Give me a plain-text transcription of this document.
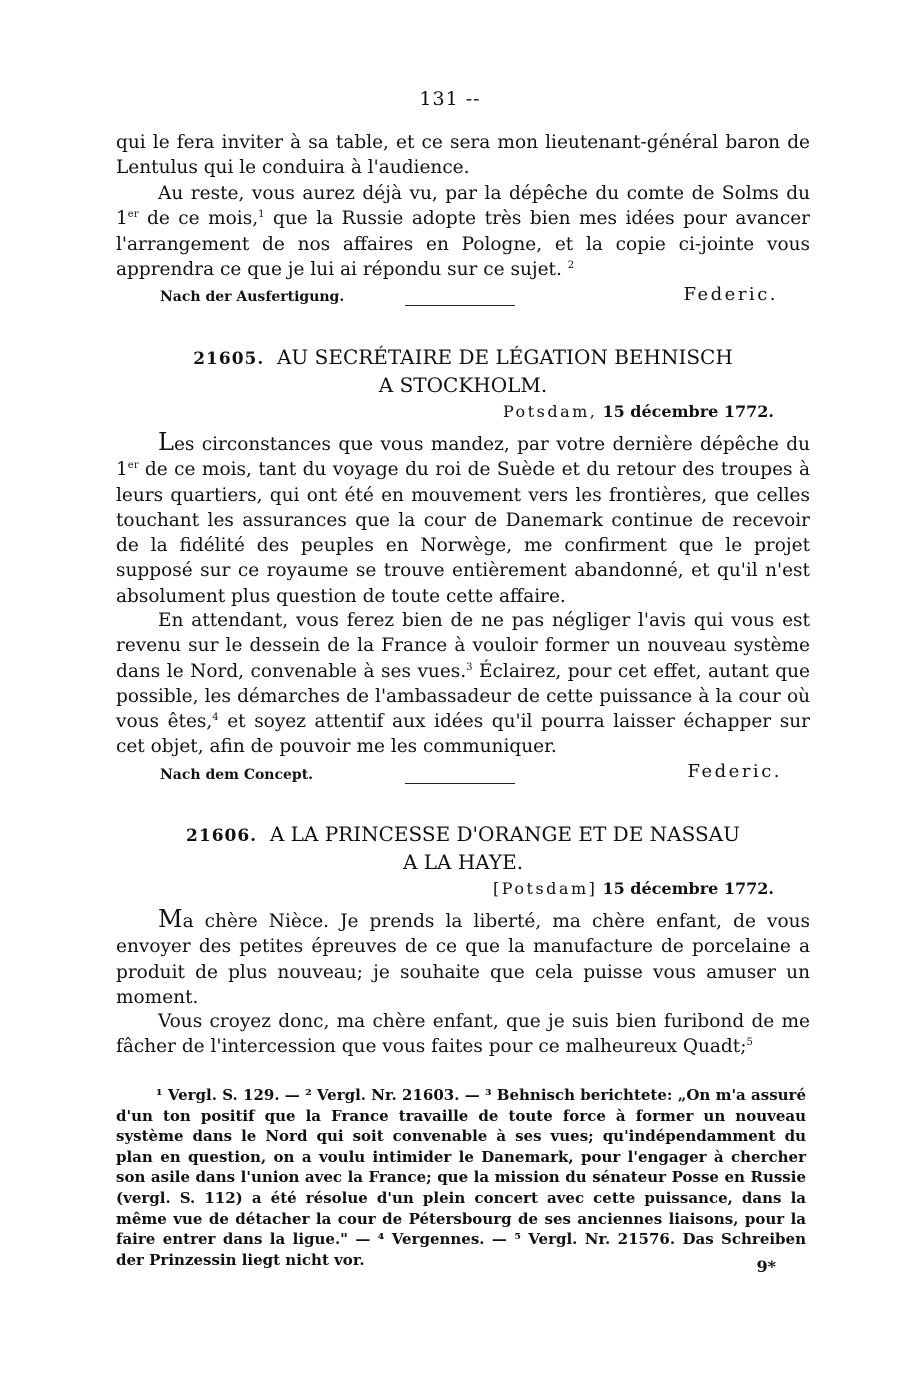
131 --

qui le fera inviter à sa table, et ce sera mon lieutenant-général baron de Lentulus qui le conduira à l'audience.

Au reste, vous aurez déjà vu, par la dépêche du comte de Solms du 1er de ce mois,$^1$ que la Russie adopte très bien mes idées pour avancer l'arrangement de nos affaires en Pologne, et la copie ci-jointe vous apprendra ce que je lui ai répondu sur ce sujet. $^2$

Nach der Ausfertigung.	Federic.
21605. AU SECRÉTAIRE DE LÉGATION BEHNISCH
A STOCKHOLM.
Potsdam, 15 décembre 1772.

Les circonstances que vous mandez, par votre dernière dépêche du 1er de ce mois, tant du voyage du roi de Suède et du retour des troupes à leurs quartiers, qui ont été en mouvement vers les frontières, que celles touchant les assurances que la cour de Danemark continue de recevoir de la fidélité des peuples en Norwège, me confirment que le projet supposé sur ce royaume se trouve entièrement abandonné, et qu'il n'est absolument plus question de toute cette affaire.

En attendant, vous ferez bien de ne pas négliger l'avis qui vous est revenu sur le dessein de la France à vouloir former un nouveau système dans le Nord, convenable à ses vues.$^3$ Éclairez, pour cet effet, autant que possible, les démarches de l'ambassadeur de cette puissance à la cour où vous êtes,$^4$ et soyez attentif aux idées qu'il pourra laisser échapper sur cet objet, afin de pouvoir me les communiquer.

Nach dem Concept.	Federic.
21606. A LA PRINCESSE D'ORANGE ET DE NASSAU
A LA HAYE.
[Potsdam] 15 décembre 1772.

Ma chère Nièce. Je prends la liberté, ma chère enfant, de vous envoyer des petites épreuves de ce que la manufacture de porcelaine a produit de plus nouveau; je souhaite que cela puisse vous amuser un moment.

Vous croyez donc, ma chère enfant, que je suis bien furibond de me fâcher de l'intercession que vous faites pour ce malheureux Quadt;$^5$

¹ Vergl. S. 129. — ² Vergl. Nr. 21603. — ³ Behnisch berichtete: „On m'a assuré d'un ton positif que la France travaille de toute force à former un nouveau système dans le Nord qui soit convenable à ses vues; qu'indépendamment du plan en question, on a voulu intimider le Danemark, pour l'engager à chercher son asile dans l'union avec la France; que la mission du sénateur Posse en Russie (vergl. S. 112) a été résolue d'un plein concert avec cette puissance, dans la même vue de détacher la cour de Pétersbourg de ses anciennes liaisons, pour la faire entrer dans la ligue." — ⁴ Vergennes. — ⁵ Vergl. Nr. 21576. Das Schreiben der Prinzessin liegt nicht vor.	9*
